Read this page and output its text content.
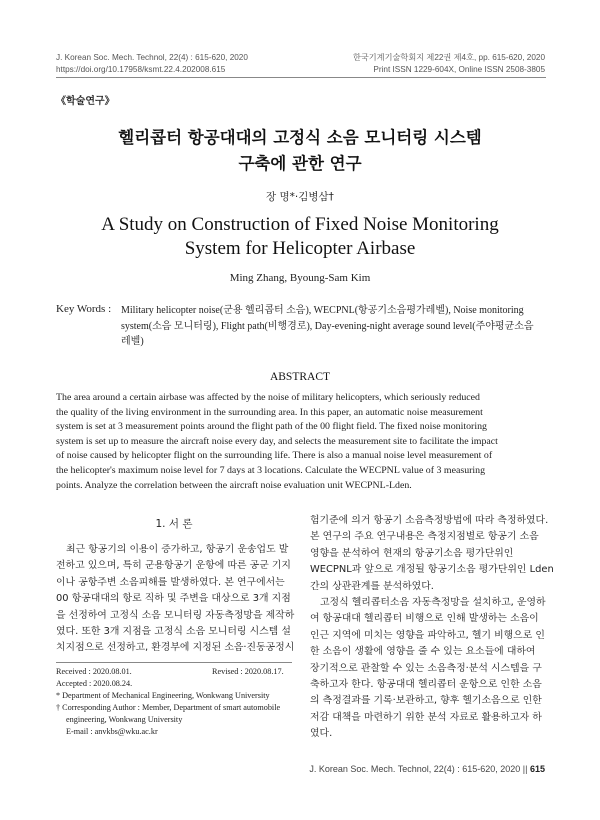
J. Korean Soc. Mech. Technol, 22(4) : 615-620, 2020
https://doi.org/10.17958/ksmt.22.4.202008.615
한국기계기술학회지 제22권 제4호, pp. 615-620, 2020
Print ISSN 1229-604X, Online ISSN 2508-3805
《학술연구》
헬리콥터 항공대대의 고정식 소음 모니터링 시스템
구축에 관한 연구
장 명*·김병삼†
A Study on Construction of Fixed Noise Monitoring
System for Helicopter Airbase
Ming Zhang, Byoung-Sam Kim
Key Words : Military helicopter noise(군용 헬리콥터 소음), WECPNL(항공기소음평가레벨), Noise monitoring
system(소음 모니터링), Flight path(비행경로), Day-evening-night average sound level(주야평균소음
레벨)
ABSTRACT
The area around a certain airbase was affected by the noise of military helicopters, which seriously reduced
the quality of the living environment in the surrounding area. In this paper, an automatic noise measurement
system is set at 3 measurement points around the flight path of the 00 flight field. The fixed noise monitoring
system is set up to measure the aircraft noise every day, and selects the measurement site to facilitate the impact
of noise caused by helicopter flight on the surrounding life. There is also a manual noise level measurement of
the helicopter's maximum noise level for 7 days at 3 locations. Calculate the WECPNL value of 3 measuring
points. Analyze the correlation between the aircraft noise evaluation unit WECPNL-Lden.
1. 서 론
최근 항공기의 이용이 증가하고, 항공기 운송업도 발
전하고 있으며, 특히 군용항공기 운항에 따른 공군 기지
이나 공항주변 소음피해를 발생하였다. 본 연구에서는
00 항공대대의 항로 직하 및 주변을 대상으로 3개 지점
을 선정하여 고정식 소음 모니터링 자동측정망을 제작하
였다. 또한 3개 지점을 고정식 소음 모니터링 시스템 설
치지점으로 선정하고, 환경부에 지정된 소음·진동공정시
Received : 2020.08.01.	Revised : 2020.08.17.
Accepted : 2020.08.24.
* Department of Mechanical Engineering, Wonkwang University
† Corresponding Author : Member, Department of smart automobile
engineering, Wonkwang University
E-mail : anvkbs@wku.ac.kr
험기준에 의거 항공기 소음측정방법에 따라 측정하였다.
본 연구의 주요 연구내용은 측정지점별로 항공기 소음
영향을 분석하여 현재의 항공기소음 평가단위인
WECPNL과 앞으로 개정될 항공기소음 평가단위인 Lden
간의 상관관계를 분석하였다.
고정식 헬리콥터소음 자동측정망을 설치하고, 운영하
여 항공대대 헬리콥터 비행으로 인해 발생하는 소음이
인근 지역에 미치는 영향을 파악하고, 헬기 비행으로 인
한 소음이 생활에 영향을 줄 수 있는 요소들에 대하여
장기적으로 관찰할 수 있는 소음측정·분석 시스템을 구
축하고자 한다. 항공대대 헬리콥터 운항으로 인한 소음
의 측정결과를 기록·보관하고, 향후 헬기소음으로 인한
저감 대책을 마련하기 위한 분석 자료로 활용하고자 하
였다.
J. Korean Soc. Mech. Technol, 22(4) : 615-620, 2020 || 615
